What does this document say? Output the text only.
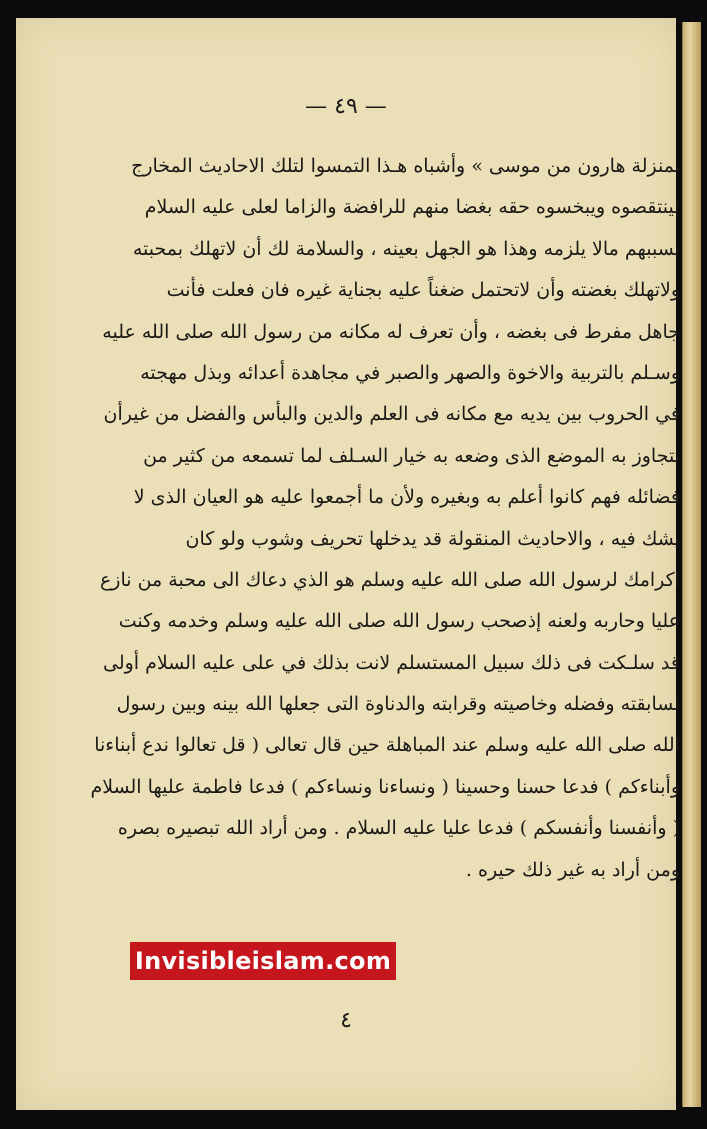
— ٤٩ —
بمنزلة هارون من موسى » وأشباه هـذا التمسوا لتلك الاحاديث المخارج
لينتقصوه ويبخسوه حقه بغضا منهم للرافضة والزاما لعلى عليه السلام
بسببهم مالا يلزمه وهذا هو الجهل بعينه ، والسلامة لك أن لاتهلك بمحبته
ولاتهلك بغضته وأن لاتحتمل ضغناً عليه بجناية غيره فان فعلت فأنت
جاهل مفرط فى بغضه ، وأن تعرف له مكانه من رسول الله صلى الله عليه
وسـلم بالتربية والاخوة والصهر والصبر في مجاهدة أعدائه وبذل مهجته
في الحروب بين يديه مع مكانه فى العلم والدين والبأس والفضل من غيرأن
تتجاوز به الموضع الذى وضعه به خيار السـلف لما تسمعه من كثير من
فضائله فهم كانوا أعلم به وبغيره ولأن ما أجمعوا عليه هو العيان الذى لا
يشك فيه ، والاحاديث المنقولة قد يدخلها تحريف وشوب ولو كان
اكرامك لرسول الله صلى الله عليه وسلم هو الذي دعاك الى محبة من نازع
عليا وحاربه ولعنه إذصحب رسول الله صلى الله عليه وسلم وخدمه وكنت
قد سلـكت فى ذلك سبيل المستسلم لانت بذلك في على عليه السلام أولى
لسابقته وفضله وخاصيته وقرابته والدناوة التى جعلها الله بينه وبين رسول
الله صلى الله عليه وسلم عند المباهلة حين قال تعالى ( قل تعالوا ندع أبناءنا
وأبناءكم ) فدعا حسنا وحسينا ( ونساءنا ونساءكم ) فدعا فاطمة عليها السلام
( وأنفسنا وأنفسكم ) فدعا عليا عليه السلام . ومن أراد الله تبصيره بصره
ومن أراد به غير ذلك حيره .
٤
Invisibleislam.com
